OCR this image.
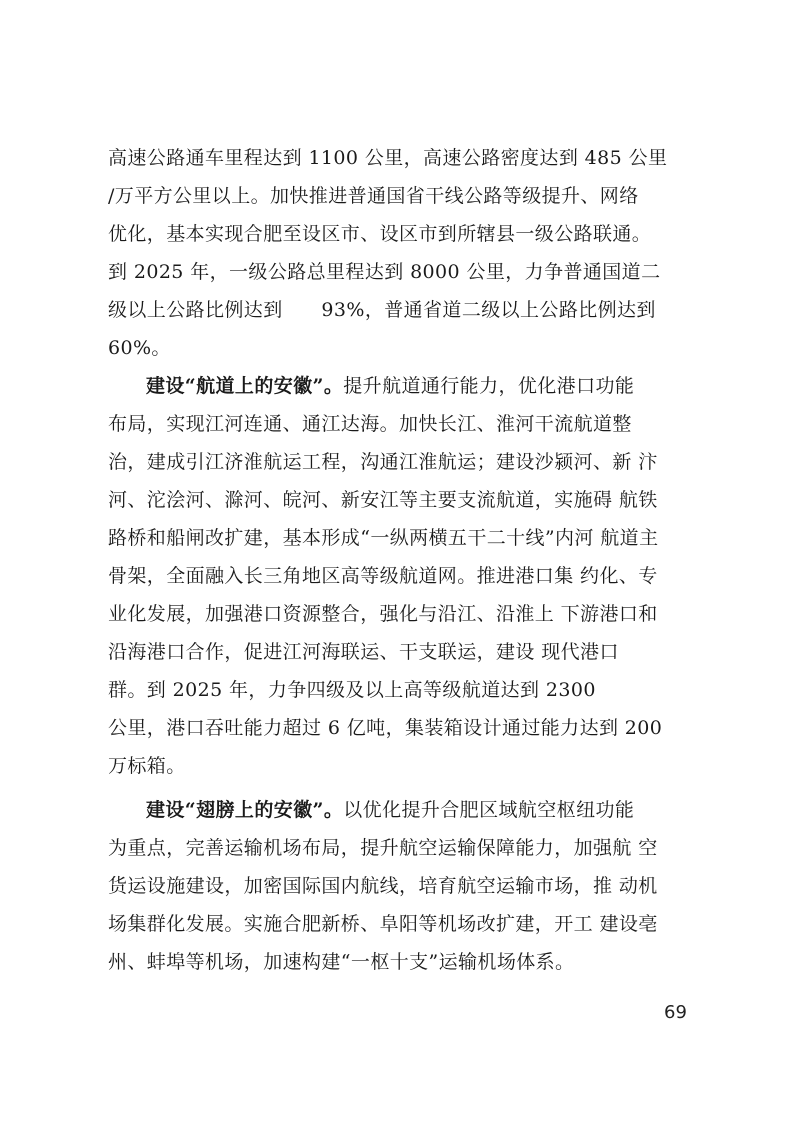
高速公路通车里程达到 1100 公里，高速公路密度达到 485 公里
/万平方公里以上。加快推进普通国省干线公路等级提升、网络
优化，基本实现合肥至设区市、设区市到所辖县一级公路联通。
到 2025 年，一级公路总里程达到 8000 公里，力争普通国道二
级以上公路比例达到　　93%，普通省道二级以上公路比例达到
60%。
建设“航道上的安徽”。提升航道通行能力，优化港口功能
布局，实现江河连通、通江达海。加快长江、淮河干流航道整
治，建成引江济淮航运工程，沟通江淮航运；建设沙颍河、新 汴
河、沱浍河、滁河、皖河、新安江等主要支流航道，实施碍 航铁
路桥和船闸改扩建，基本形成“一纵两横五干二十线”内河 航道主
骨架，全面融入长三角地区高等级航道网。推进港口集 约化、专
业化发展，加强港口资源整合，强化与沿江、沿淮上 下游港口和
沿海港口合作，促进江河海联运、干支联运，建设 现代港口
群。到 2025 年，力争四级及以上高等级航道达到 2300
公里，港口吞吐能力超过 6 亿吨，集装箱设计通过能力达到 200
万标箱。
建设“翅膀上的安徽”。以优化提升合肥区域航空枢纽功能
为重点，完善运输机场布局，提升航空运输保障能力，加强航 空
货运设施建设，加密国际国内航线，培育航空运输市场，推 动机
场集群化发展。实施合肥新桥、阜阳等机场改扩建，开工 建设亳
州、蚌埠等机场，加速构建“一枢十支”运输机场体系。
69
